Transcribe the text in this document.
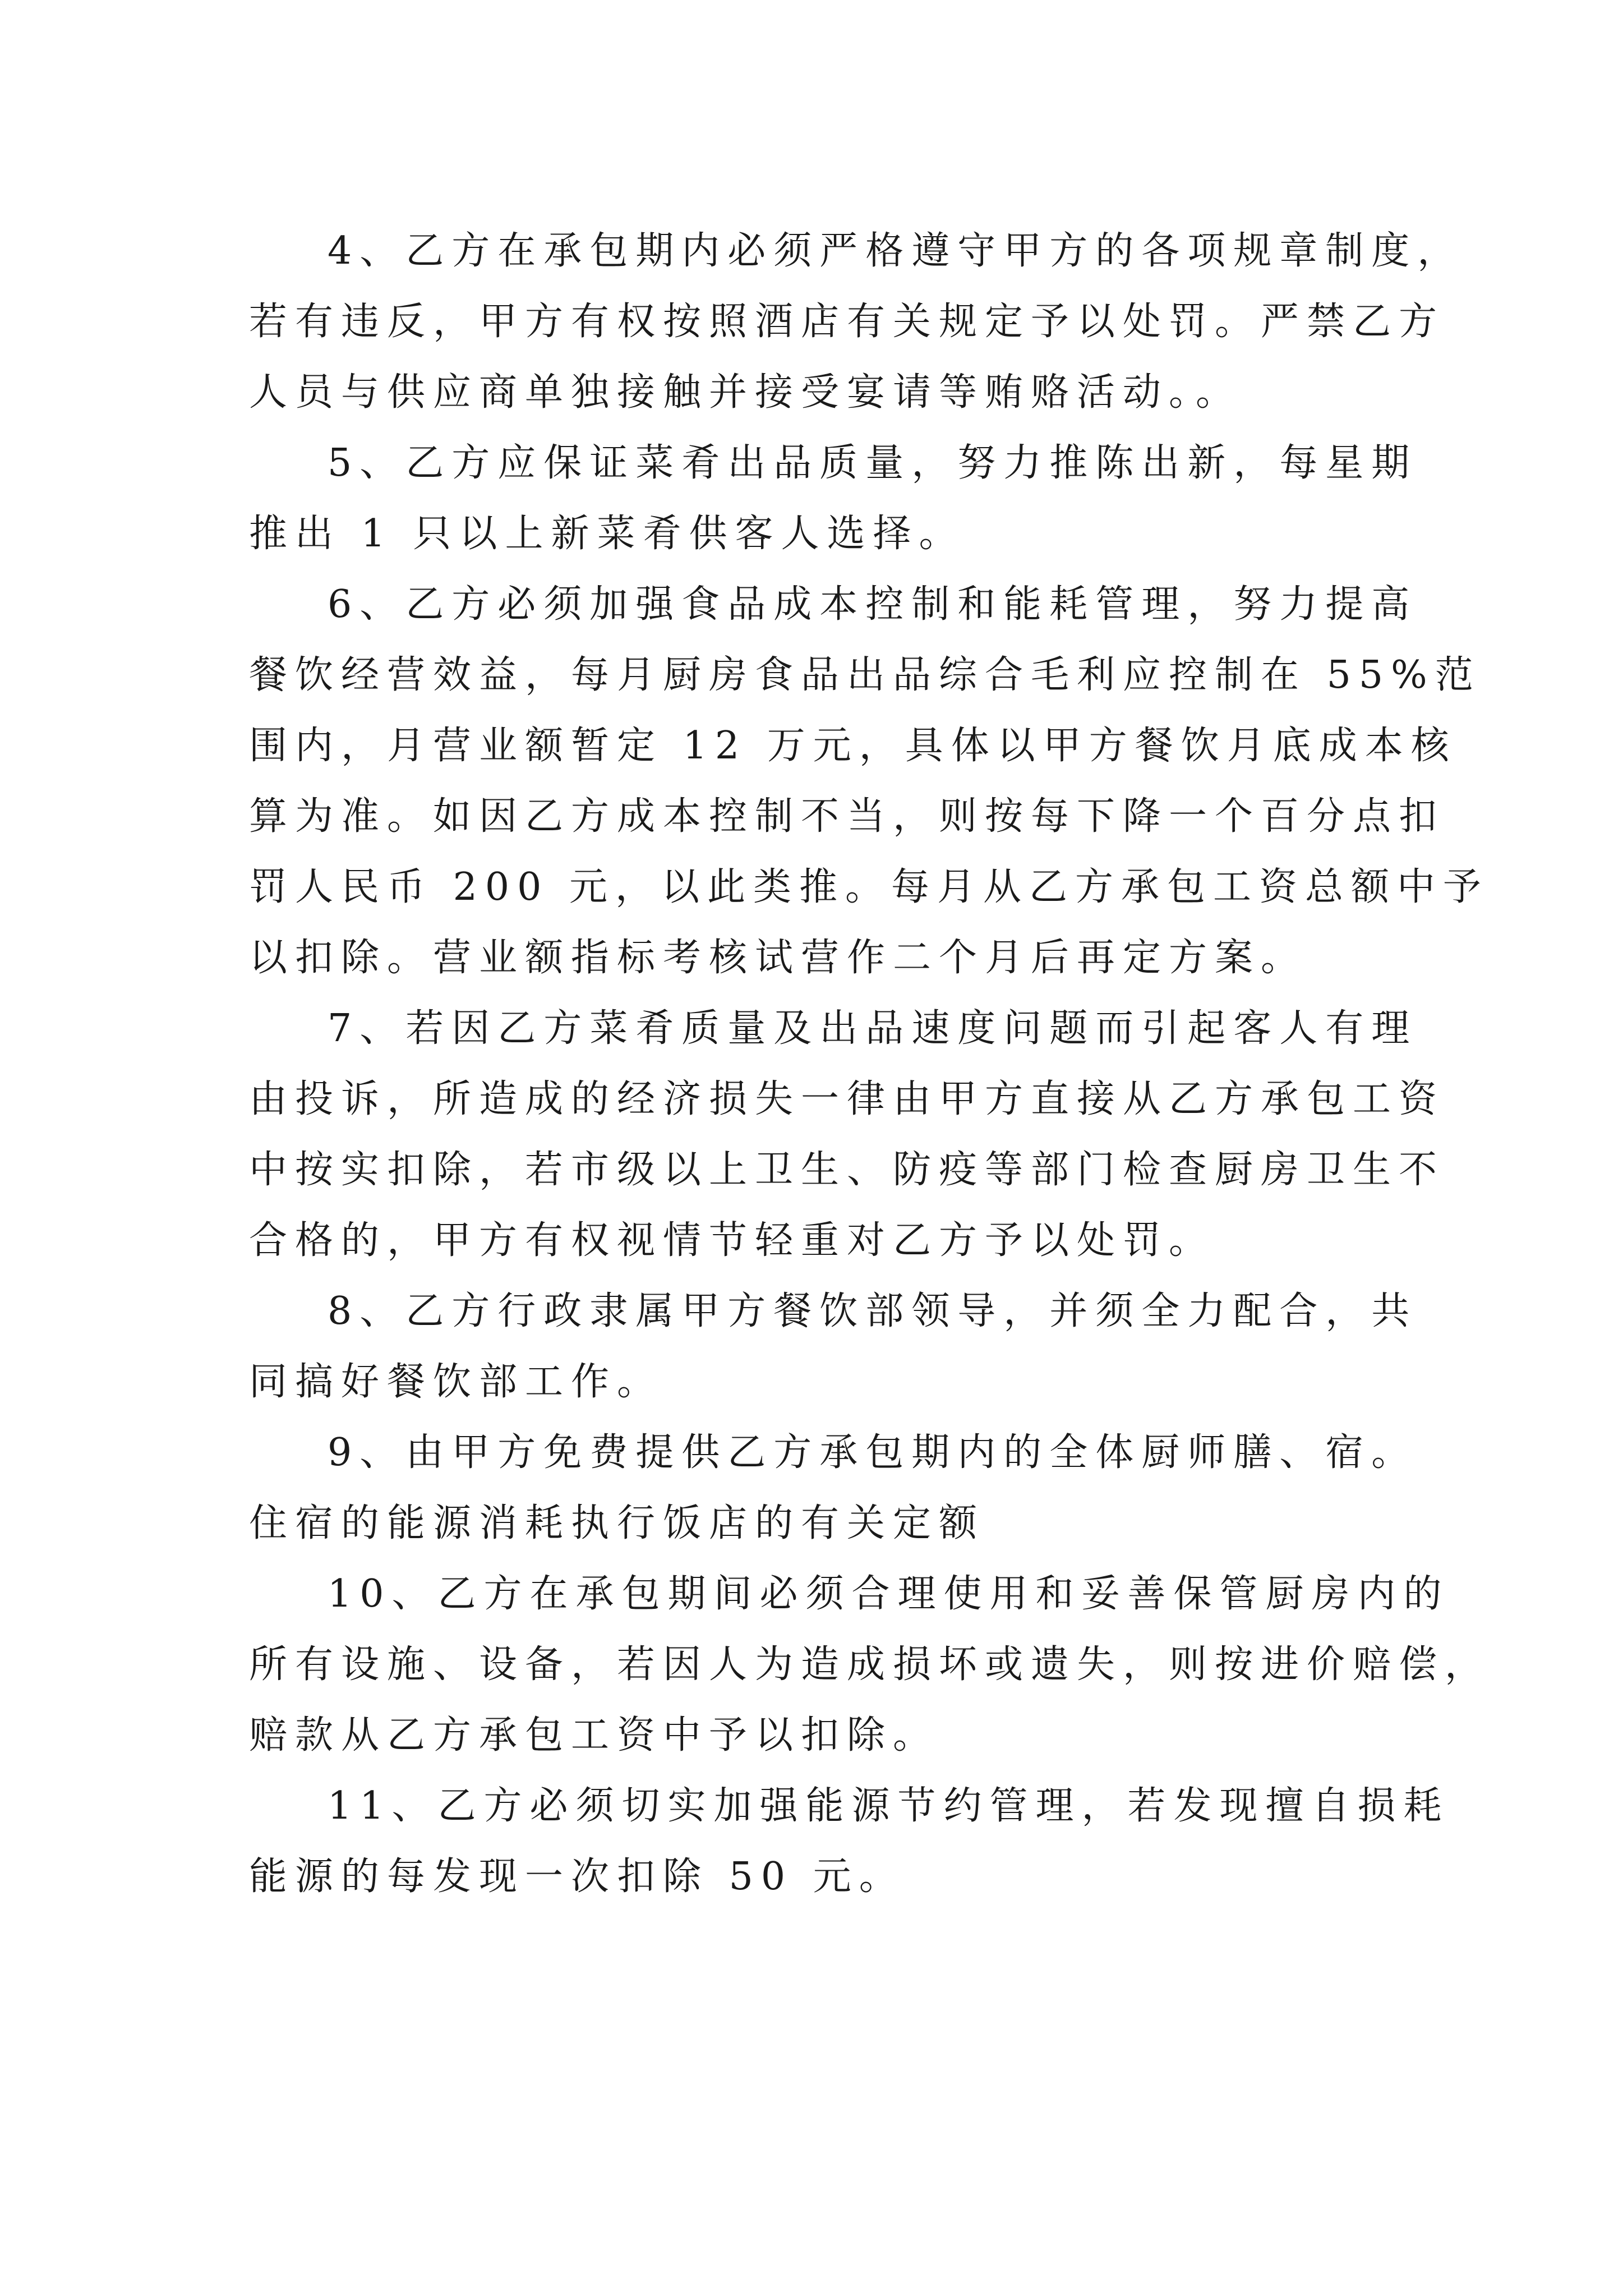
4、乙方在承包期内必须严格遵守甲方的各项规章制度，
若有违反，甲方有权按照酒店有关规定予以处罚。严禁乙方
人员与供应商单独接触并接受宴请等贿赂活动。。
5、乙方应保证菜肴出品质量，努力推陈出新，每星期
推出 1 只以上新菜肴供客人选择。
6、乙方必须加强食品成本控制和能耗管理，努力提高
餐饮经营效益，每月厨房食品出品综合毛利应控制在 55%范
围内，月营业额暂定 12 万元，具体以甲方餐饮月底成本核
算为准。如因乙方成本控制不当，则按每下降一个百分点扣
罚人民币 200 元，以此类推。每月从乙方承包工资总额中予
以扣除。营业额指标考核试营作二个月后再定方案。
7、若因乙方菜肴质量及出品速度问题而引起客人有理
由投诉，所造成的经济损失一律由甲方直接从乙方承包工资
中按实扣除，若市级以上卫生、防疫等部门检查厨房卫生不
合格的，甲方有权视情节轻重对乙方予以处罚。
8、乙方行政隶属甲方餐饮部领导，并须全力配合，共
同搞好餐饮部工作。
9、由甲方免费提供乙方承包期内的全体厨师膳、宿。
住宿的能源消耗执行饭店的有关定额
10、乙方在承包期间必须合理使用和妥善保管厨房内的
所有设施、设备，若因人为造成损坏或遗失，则按进价赔偿，
赔款从乙方承包工资中予以扣除。
11、乙方必须切实加强能源节约管理，若发现擅自损耗
能源的每发现一次扣除 50 元。
